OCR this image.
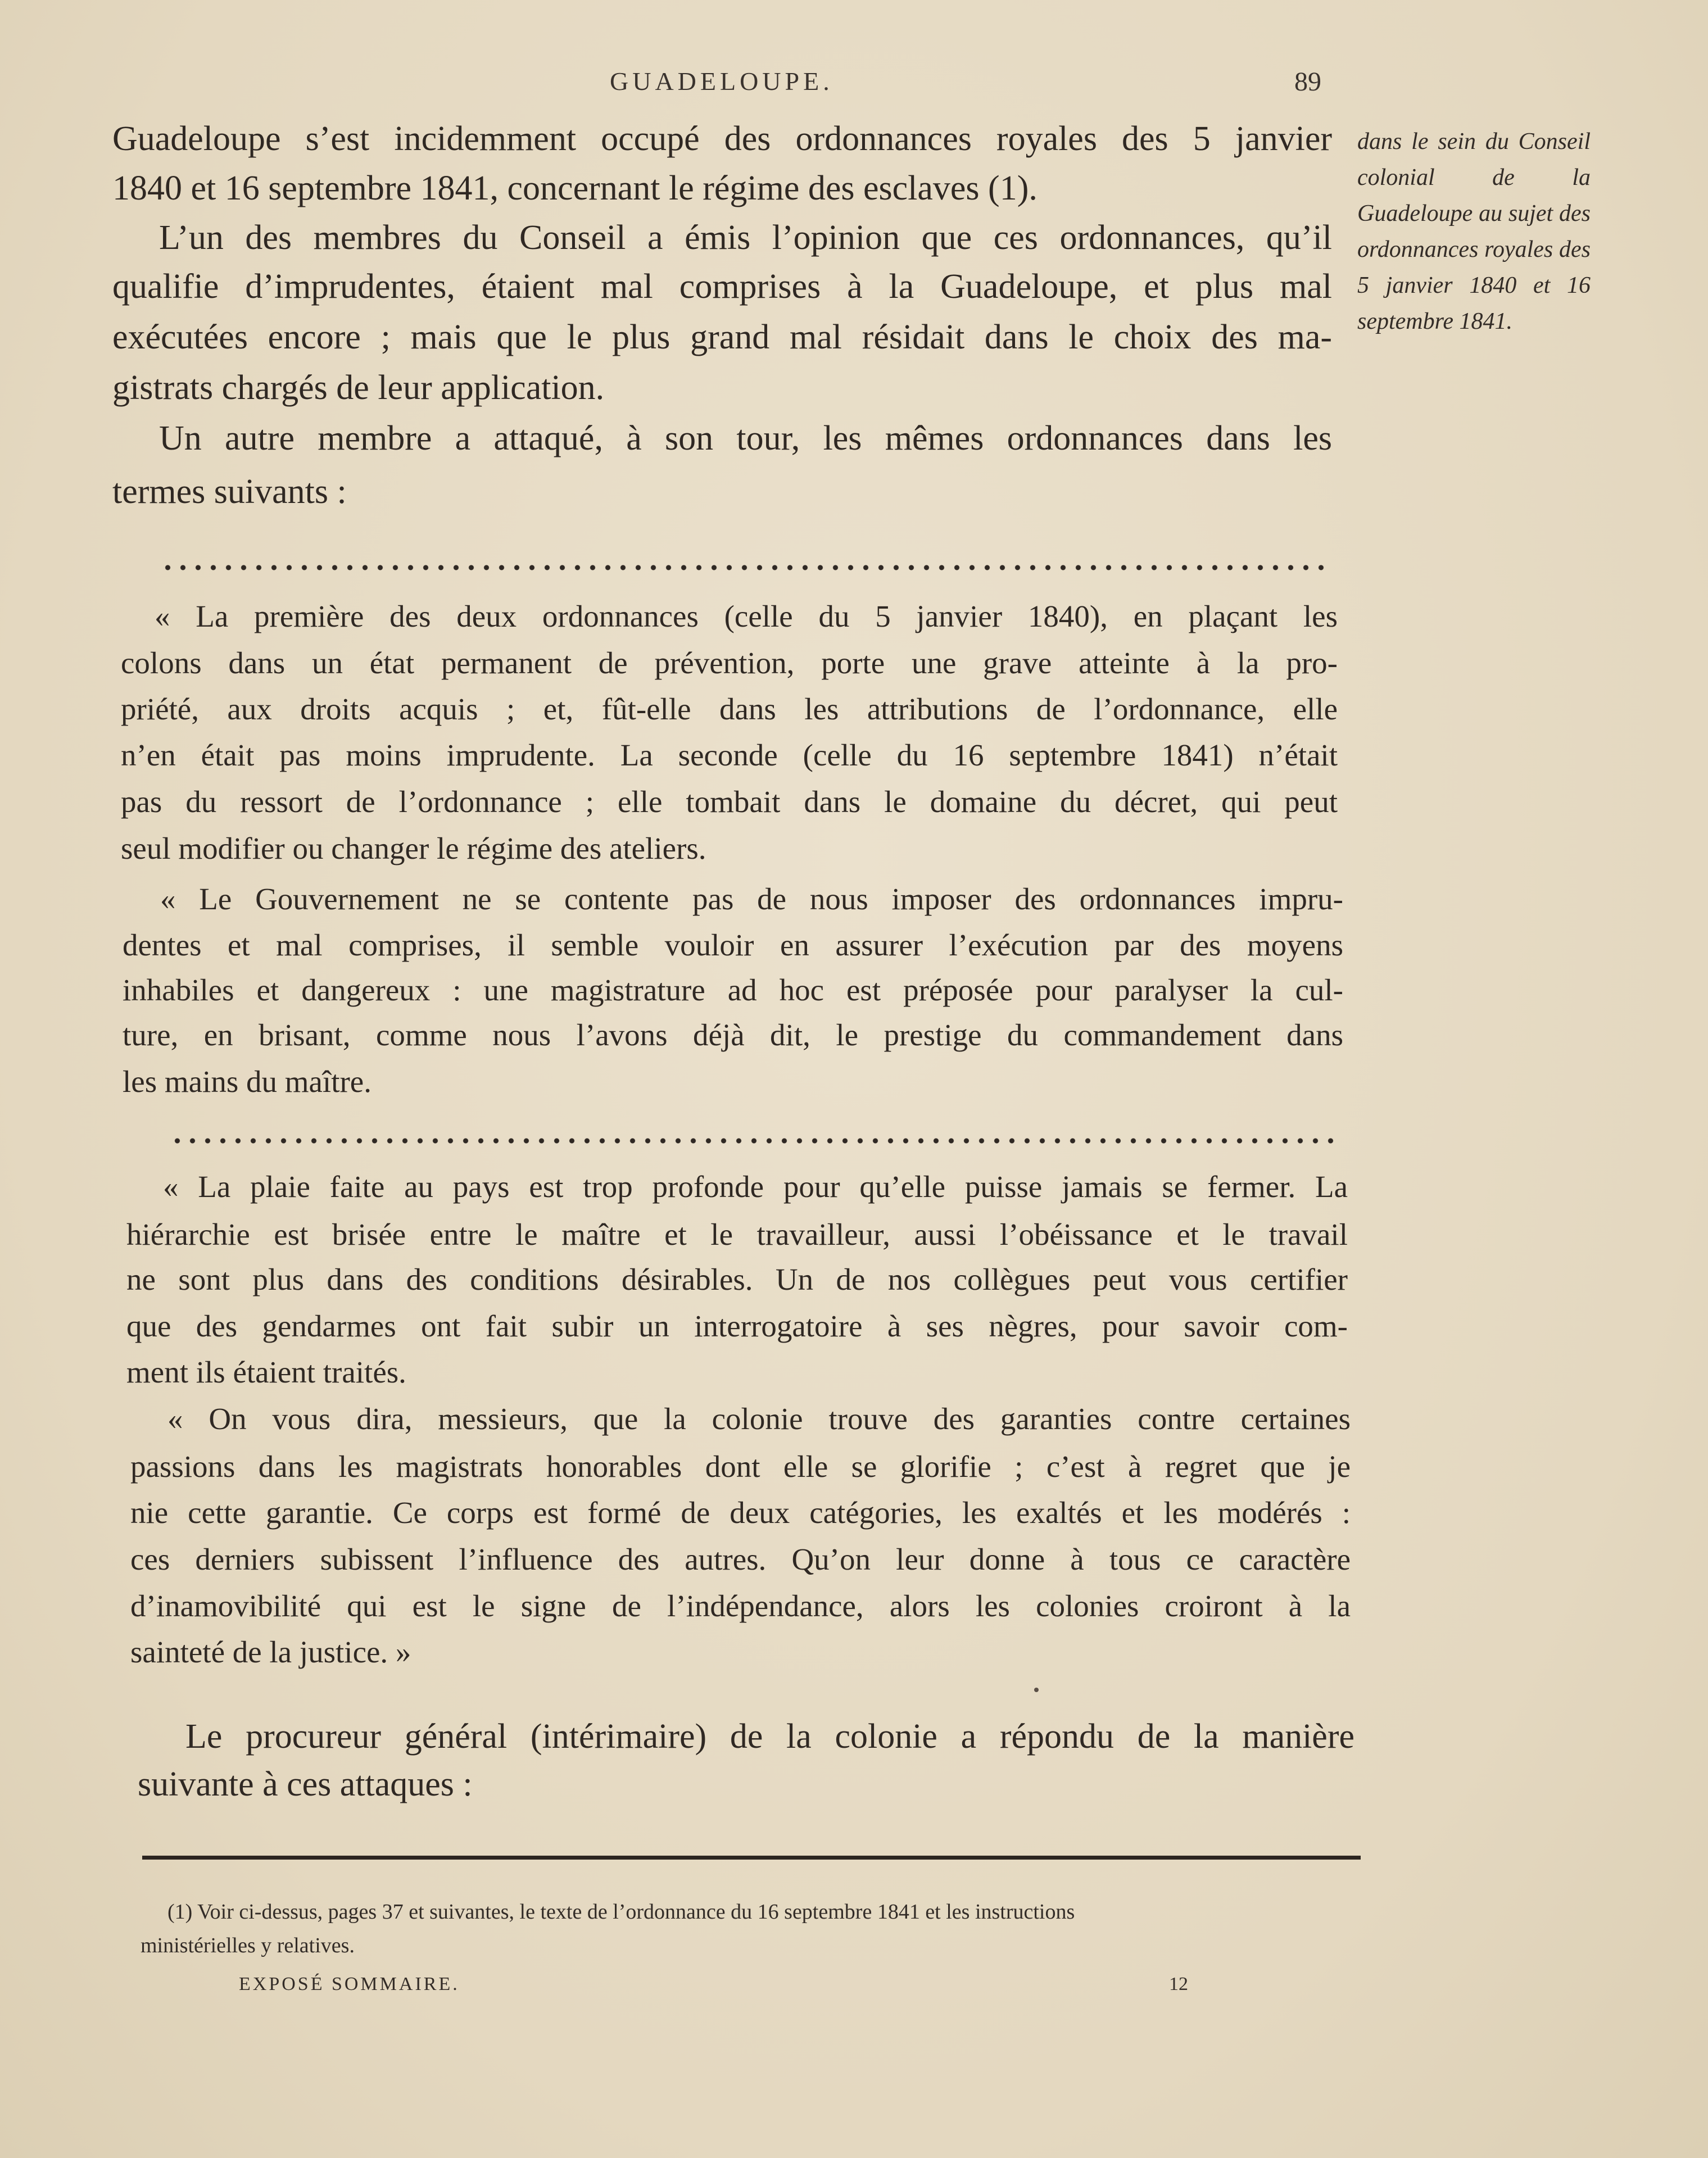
GUADELOUPE.	89
dans le sein du Conseil colonial de la Guadeloupe au sujet des ordonnances royales des 5 janvier 1840 et 16 septembre 1841.
Guadeloupe s’est incidemment occupé des ordonnances royales des 5 janvier
1840 et 16 septembre 1841, concernant le régime des esclaves (1).
L’un des membres du Conseil a émis l’opinion que ces ordonnances, qu’il
qualifie d’imprudentes, étaient mal comprises à la Guadeloupe, et plus mal
exécutées encore ; mais que le plus grand mal résidait dans le choix des ma-
gistrats chargés de leur application.
Un autre membre a attaqué, à son tour, les mêmes ordonnances dans les
termes suivants :
« La première des deux ordonnances (celle du 5 janvier 1840), en plaçant les
colons dans un état permanent de prévention, porte une grave atteinte à la pro-
priété, aux droits acquis ; et, fût-elle dans les attributions de l’ordonnance, elle
n’en était pas moins imprudente. La seconde (celle du 16 septembre 1841) n’était
pas du ressort de l’ordonnance ; elle tombait dans le domaine du décret, qui peut
seul modifier ou changer le régime des ateliers.
« Le Gouvernement ne se contente pas de nous imposer des ordonnances impru-
dentes et mal comprises, il semble vouloir en assurer l’exécution par des moyens
inhabiles et dangereux : une magistrature ad hoc est préposée pour paralyser la cul-
ture, en brisant, comme nous l’avons déjà dit, le prestige du commandement dans
les mains du maître.
« La plaie faite au pays est trop profonde pour qu’elle puisse jamais se fermer. La
hiérarchie est brisée entre le maître et le travailleur, aussi l’obéissance et le travail
ne sont plus dans des conditions désirables. Un de nos collègues peut vous certifier
que des gendarmes ont fait subir un interrogatoire à ses nègres, pour savoir com-
ment ils étaient traités.
« On vous dira, messieurs, que la colonie trouve des garanties contre certaines
passions dans les magistrats honorables dont elle se glorifie ; c’est à regret que je
nie cette garantie. Ce corps est formé de deux catégories, les exaltés et les modérés :
ces derniers subissent l’influence des autres. Qu’on leur donne à tous ce caractère
d’inamovibilité qui est le signe de l’indépendance, alors les colonies croiront à la
sainteté de la justice. »
Le procureur général (intérimaire) de la colonie a répondu de la manière
suivante à ces attaques :
(1) Voir ci-dessus, pages 37 et suivantes, le texte de l’ordonnance du 16 septembre 1841 et les instructions
ministérielles y relatives.
EXPOSÉ SOMMAIRE.	12
